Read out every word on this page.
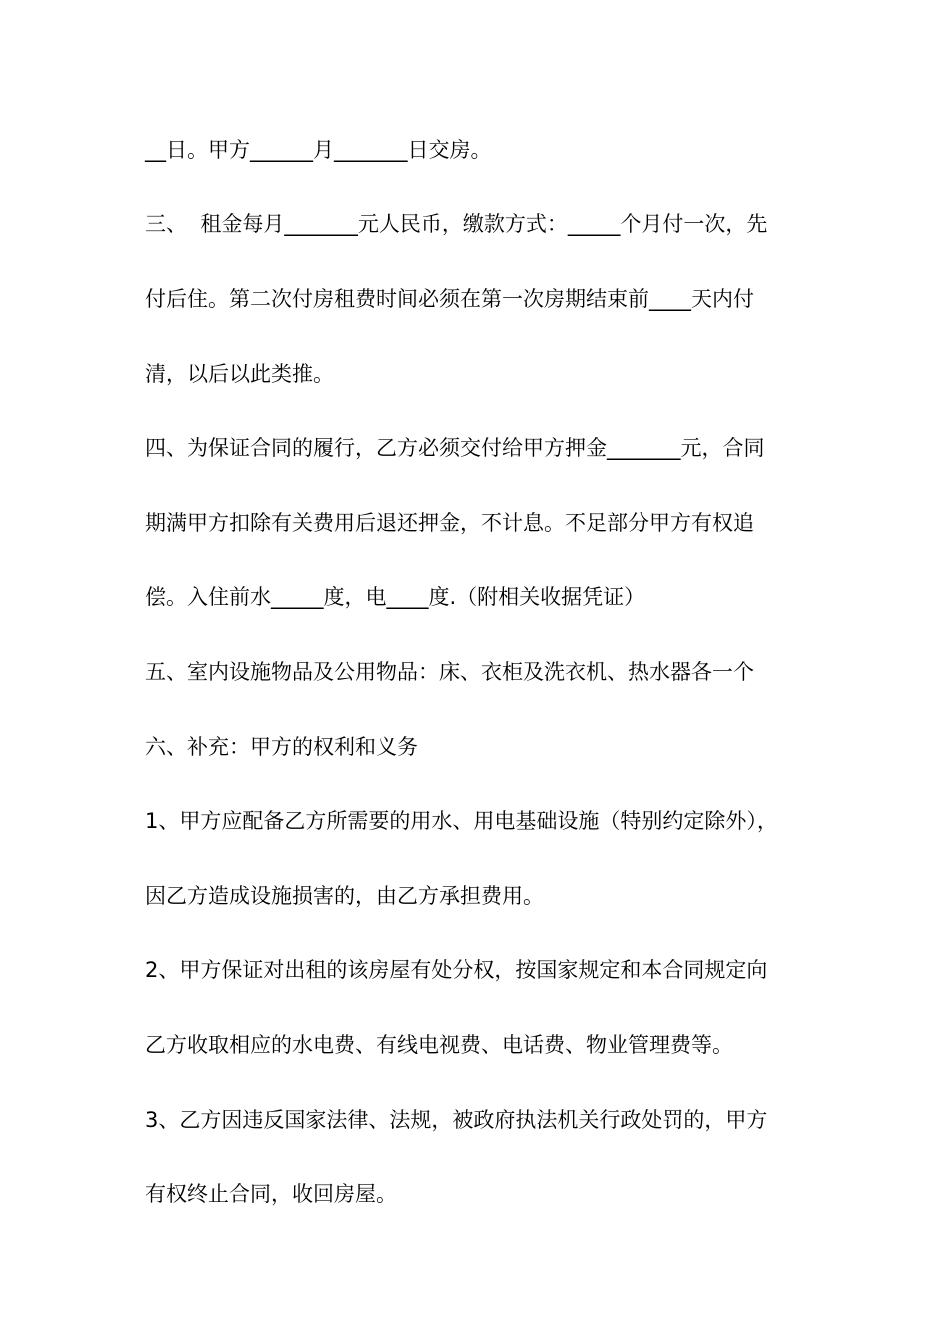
__日。甲方______月_______日交房。
三、  租金每月_______元人民币，缴款方式：_____个月付一次，先
付后住。第二次付房租费时间必须在第一次房期结束前____天内付
清，以后以此类推。
四、为保证合同的履行，乙方必须交付给甲方押金_______元，合同
期满甲方扣除有关费用后退还押金，不计息。不足部分甲方有权追
偿。入住前水_____度，电____度.（附相关收据凭证）
五、室内设施物品及公用物品：床、衣柜及洗衣机、热水器各一个
六、补充：甲方的权利和义务
1、甲方应配备乙方所需要的用水、用电基础设施（特别约定除外），
因乙方造成设施损害的，由乙方承担费用。
2、甲方保证对出租的该房屋有处分权，按国家规定和本合同规定向
乙方收取相应的水电费、有线电视费、电话费、物业管理费等。
3、乙方因违反国家法律、法规，被政府执法机关行政处罚的，甲方
有权终止合同，收回房屋。
